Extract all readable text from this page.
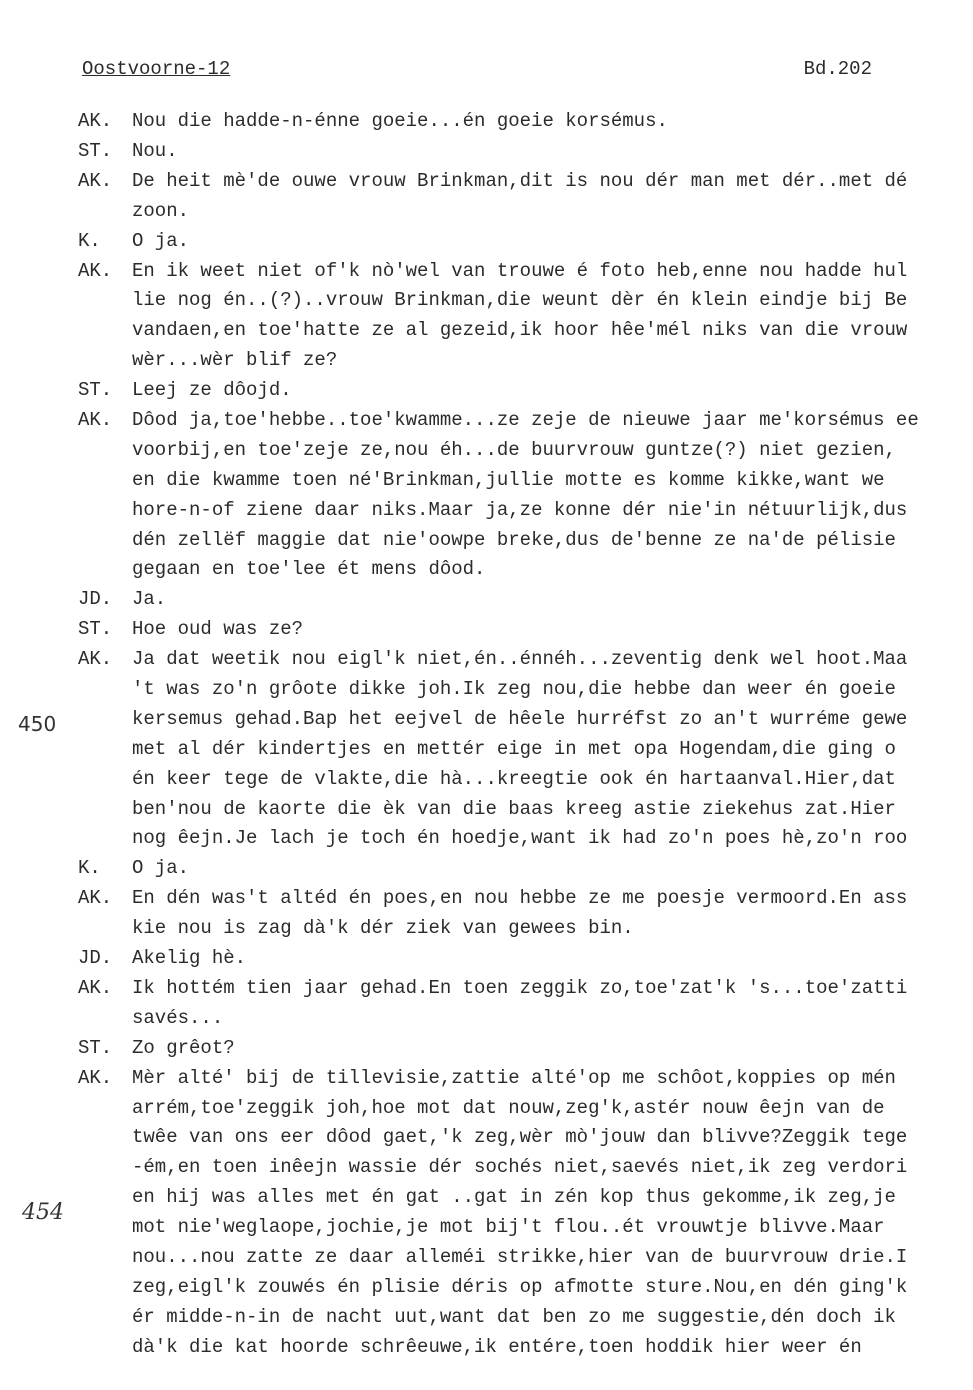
Oostvoorne-12	Bd.202
450
454
AK.	Nou die hadde-n-énne goeie...én goeie korsémus.
ST.	Nou.
AK.	De heit mè'de ouwe vrouw Brinkman,dit is nou dér man met dér..met dé
zoon.
K.	O ja.
AK.	En ik weet niet of'k nò'wel van trouwe é foto heb,enne nou hadde hul
lie nog én..(?)..vrouw Brinkman,die weunt dèr én klein eindje bij Be
vandaen,en toe'hatte ze al gezeid,ik hoor hêe'mél niks van die vrouw
wèr...wèr blif ze?
ST.	Leej ze dôojd.
AK.	Dôod ja,toe'hebbe..toe'kwamme...ze zeje de nieuwe jaar me'korsémus ee
voorbij,en toe'zeje ze,nou éh...de buurvrouw guntze(?) niet gezien,
en die kwamme toen né'Brinkman,jullie motte es komme kikke,want we
hore-n-of ziene daar niks.Maar ja,ze konne dér nie'in nétuurlijk,dus
dén zellëf maggie dat nie'oowpe breke,dus de'benne ze na'de pélisie
gegaan en toe'lee ét mens dôod.
JD.	Ja.
ST.	Hoe oud was ze?
AK.	Ja dat weetik nou eigl'k niet,én..énnéh...zeventig denk wel hoot.Maa
't was zo'n grôote dikke joh.Ik zeg nou,die hebbe dan weer én goeie
kersemus gehad.Bap het eejvel de hêele hurréfst zo an't wurréme gewe
met al dér kindertjes en mettér eige in met opa Hogendam,die ging o
én keer tege de vlakte,die hà...kreegtie ook én hartaanval.Hier,dat
ben'nou de kaorte die èk van die baas kreeg astie ziekehus zat.Hier
nog êejn.Je lach je toch én hoedje,want ik had zo'n poes hè,zo'n roo
K.	O ja.
AK.	En dén was't altéd én poes,en nou hebbe ze me poesje vermoord.En ass
kie nou is zag dà'k dér ziek van gewees bin.
JD.	Akelig hè.
AK.	Ik hottém tien jaar gehad.En toen zeggik zo,toe'zat'k 's...toe'zatti
savés...
ST.	Zo grêot?
AK.	Mèr alté' bij de tillevisie,zattie alté'op me schôot,koppies op mén
arrém,toe'zeggik joh,hoe mot dat nouw,zeg'k,astér nouw êejn van de
twêe van ons eer dôod gaet,'k zeg,wèr mò'jouw dan blivve?Zeggik tege
-ém,en toen inêejn wassie dér sochés niet,saevés niet,ik zeg verdori
en hij was alles met én gat ..gat in zén kop thus gekomme,ik zeg,je
mot nie'weglaope,jochie,je mot bij't flou..ét vrouwtje blivve.Maar
nou...nou zatte ze daar alleméi strikke,hier van de buurvrouw drie.I
zeg,eigl'k zouwés én plisie déris op afmotte sture.Nou,en dén ging'k
ér midde-n-in de nacht uut,want dat ben zo me suggestie,dén doch ik
dà'k die kat hoorde schrêeuwe,ik entére,toen hoddik hier weer én
